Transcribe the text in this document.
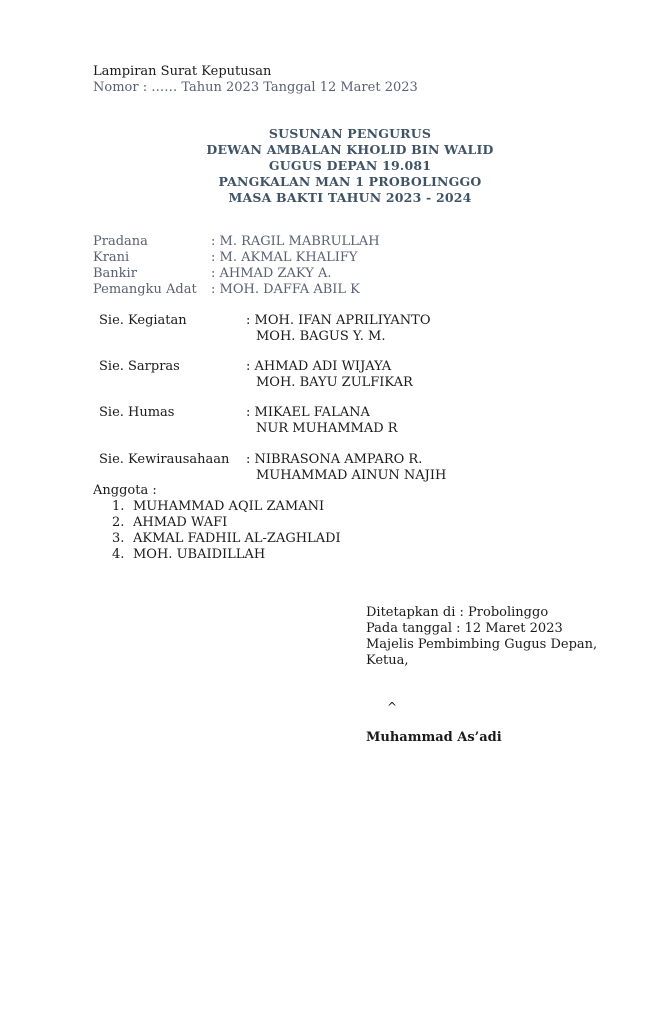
Lampiran Surat Keputusan
Nomor : …… Tahun 2023 Tanggal 12 Maret 2023
SUSUNAN PENGURUS
DEWAN AMBALAN KHOLID BIN WALID
GUGUS DEPAN 19.081
PANGKALAN MAN 1 PROBOLINGGO
MASA BAKTI TAHUN 2023 - 2024
Pradana	: M. RAGIL MABRULLAH
Krani	: M. AKMAL KHALIFY
Bankir	: AHMAD ZAKY A.
Pemangku Adat : MOH. DAFFA ABIL K
Sie. Kegiatan	: MOH. IFAN APRILIYANTO
MOH. BAGUS Y. M.
Sie. Sarpras	: AHMAD ADI WIJAYA
MOH. BAYU ZULFIKAR
Sie. Humas	: MIKAEL FALANA
NUR MUHAMMAD R
Sie. Kewirausahaan : NIBRASONA AMPARO R.
MUHAMMAD AINUN NAJIH
Anggota :
1. MUHAMMAD AQIL ZAMANI
2. AHMAD WAFI
3. AKMAL FADHIL AL-ZAGHLADI
4. MOH. UBAIDILLAH
Ditetapkan di : Probolinggo
Pada tanggal : 12 Maret 2023
Majelis Pembimbing Gugus Depan,
Ketua,
^
Muhammad As’adi
